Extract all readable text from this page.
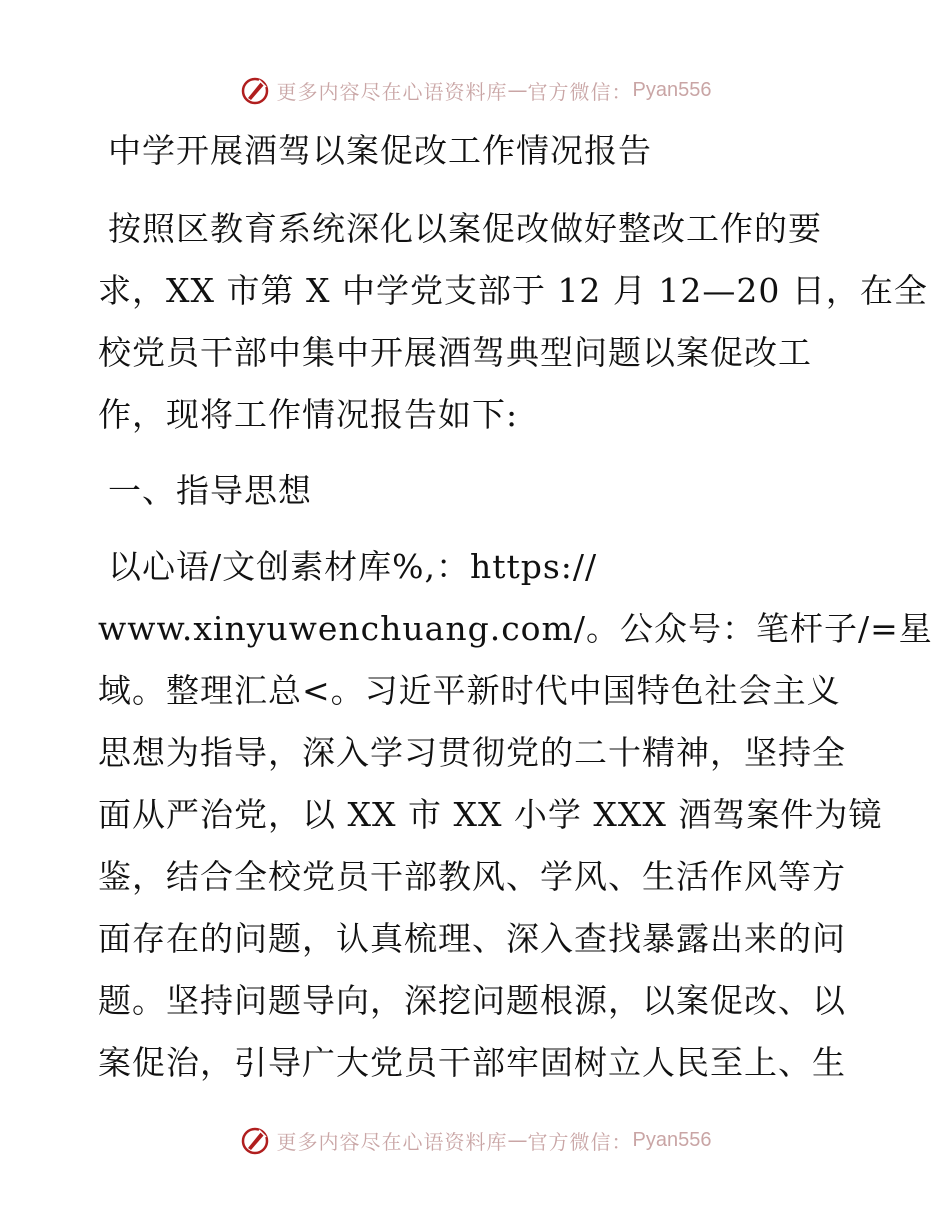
更多内容尽在心语资料库 — 官方微信： Pyan556
中学开展酒驾以案促改工作情况报告
按照区教育系统深化以案促改做好整改工作的要
求，XX 市第 X 中学党支部于 12 月 12—20 日，在全
校党员干部中集中开展酒驾典型问题以案促改工
作，现将工作情况报告如下:
一、指导思想
以心语/文创素材库%,：https://
www.xinyuwenchuang.com/。公众号：笔杆子/=星
域。整理汇总<。习近平新时代中国特色社会主义
思想为指导，深入学习贯彻党的二十精神，坚持全
面从严治党，以 XX 市 XX 小学 XXX 酒驾案件为镜
鉴，结合全校党员干部教风、学风、生活作风等方
面存在的问题，认真梳理、深入查找暴露出来的问
题。坚持问题导向，深挖问题根源，以案促改、以
案促治，引导广大党员干部牢固树立人民至上、生
更多内容尽在心语资料库 — 官方微信： Pyan556
